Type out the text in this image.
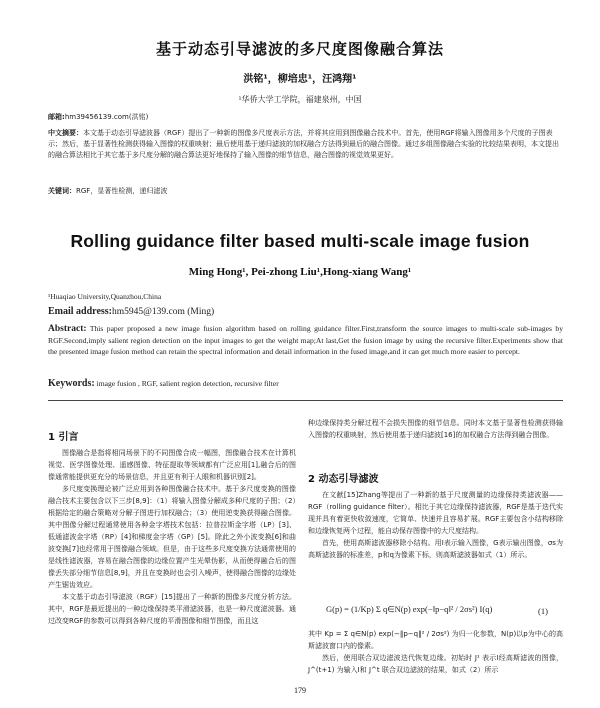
基于动态引导滤波的多尺度图像融合算法
洪铭¹，柳培忠¹，汪鸿翔¹
¹华侨大学工学院，福建泉州，中国
邮箱:hm39456139.com(洪铭)
中文摘要：本文基于动态引导滤波器（RGF）提出了一种新的图像多尺度表示方法，并将其应用到图像融合技术中。首先，使用RGF将输入图像用多个尺度的子图表示；然后，基于显著性检测获得输入图像的权重映射；最后使用基于递归滤波的加权融合方法得到最后的融合图像。通过多组图像融合实验的比较结果表明，本文提出的融合算法相比于其它基于多尺度分解的融合算法更好地保持了输入图像的细节信息，融合图像的视觉效果更好。
关键词：RGF，显著性检测，递归滤波
Rolling guidance filter based multi-scale image fusion
Ming Hong¹, Pei-zhong Liu¹,Hong-xiang Wang¹
¹Huaqiao University,Quanzhou,China
Email address:hm5945@139.com (Ming)
Abstract: This paper proposed a new image fusion algorithm based on rolling guidance filter.First,transform the source images to multi-scale sub-images by RGF.Second,imply salient region detection on the input images to get the weight map;At last,Get the fusion image by using the recursive filter.Experiments show that the presented image fusion method can retain the spectral information and detail information in the fused image,and it can get much more easier to percept.
Keywords: image fusion , RGF, salient region detection, recursive filter
1 引言

图像融合是指将相同场景下的不同图像合成一幅图，图像融合技术在计算机视觉、医学图像处理、遥感图像、特征提取等领域都有广泛应用[1],融合后的图像通常能提供更充分的场景信息，并且更有利于人眼和机器识别[2]。

多尺度变换理论被广泛应用到各种图像融合技术中。基于多尺度变换的图像融合技术主要包含以下三步[8,9]：（1）将输入图像分解成多种尺度的子图；（2）根据给定的融合策略对分解子图进行加权融合；（3）使用逆变换获得融合图像。其中图像分解过程通常使用各种金字塔技术包括：拉普拉斯金字塔（LP）[3]、低通滤波金字塔（RP）[4]和梯度金字塔（GP）[5]。除此之外小波变换[6]和曲波变换[7]也经常用于图像融合领域。但是，由于这些多尺度变换方法通常使用的是线性滤波器，容易在融合图像的边缘位置产生光晕伪影，从而使得融合后的图像丢失部分细节信息[8,9]，并且在变换时也会引入噪声，使得融合图像的边缘处产生锯齿效应。

本文基于动态引导滤波（RGF）[15]提出了一种新的图像多尺度分析方法。其中，RGF是最近提出的一种边缘保持类平滑滤波器，也是一种尺度滤波器。通过改变RGF的参数可以得到各种尺度的平滑图像和细节图像，而且这

种边缘保持类分解过程不会损失图像的细节信息。同时本文基于显著性检测获得输入图像的权重映射，然后使用基于递归滤波[16]的加权融合方法得到融合图像。

2 动态引导滤波

在文献[15]Zhang等提出了一种新的基于尺度测量的边缘保持类滤波器——RGF（rolling guidance filter）。相比于其它边缘保持滤波器，RGF是基于迭代实现并具有着更快收敛速度，它简单、快速并且容易扩展。RGF主要包含小结构移除和边缘恢复两个过程，能自动保存图像中的大尺度结构。

首先，使用高斯滤波器移除小结构。用I表示输入图像，G表示输出图像，σs为高斯滤波器的标准差，p和q为像素下标，则高斯滤波器如式（1）所示。

G(p) = (1/Kp) Σ q∈N(p) exp(−‖p−q‖² / 2σs²) I(q)	(1)

其中 Kp = Σ q∈N(p) exp(−‖p−q‖² / 2σs²) 为归一化参数，N(p)以p为中心的高斯滤波窗口内的像素。

然后，使用联合双边滤波迭代恢复边缘。初始时 J¹ 表示I经高斯滤波的图像，J^(t+1) 为输入I和 J^t 联合双边滤波的结果，如式（2）所示

179
